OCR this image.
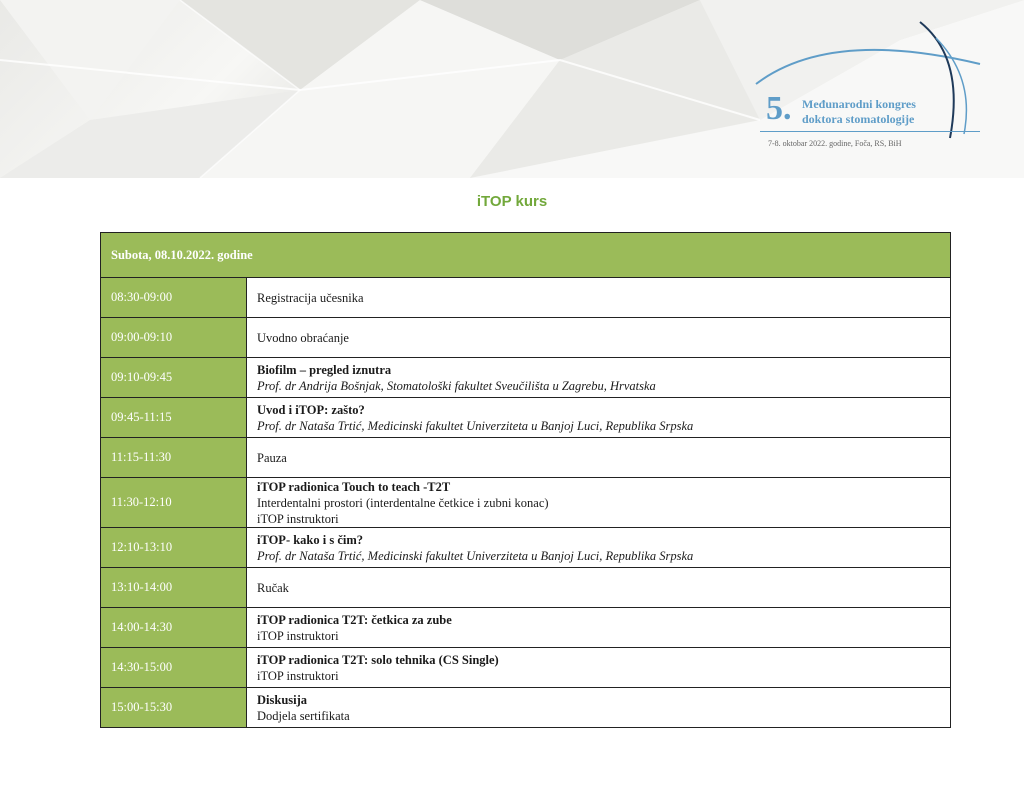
5. Međunarodni kongres
doktora stomatologije
7-8. oktobar 2022. godine, Foča, RS, BiH
iTOP kurs
Subota, 08.10.2022. godine	
08:30-09:00	Registracija učesnika

09:00-09:10	Uvodno obraćanje

09:10-09:45	Biofilm – pregled iznutra
Prof. dr Andrija Bošnjak, Stomatološki fakultet Sveučilišta u Zagrebu, Hrvatska

09:45-11:15	Uvod i iTOP: zašto?
Prof. dr Nataša Trtić, Medicinski fakultet Univerziteta u Banjoj Luci, Republika Srpska

11:15-11:30	Pauza

11:30-12:10	iTOP radionica Touch to teach -T2T
Interdentalni prostori (interdentalne četkice i zubni konac)
iTOP instruktori

12:10-13:10	iTOP- kako i s čim?
Prof. dr Nataša Trtić, Medicinski fakultet Univerziteta u Banjoj Luci, Republika Srpska

13:10-14:00	Ručak

14:00-14:30	iTOP radionica T2T: četkica za zube
iTOP instruktori

14:30-15:00	iTOP radionica T2T: solo tehnika (CS Single)
iTOP instruktori

15:00-15:30	Diskusija
Dodjela sertifikata
